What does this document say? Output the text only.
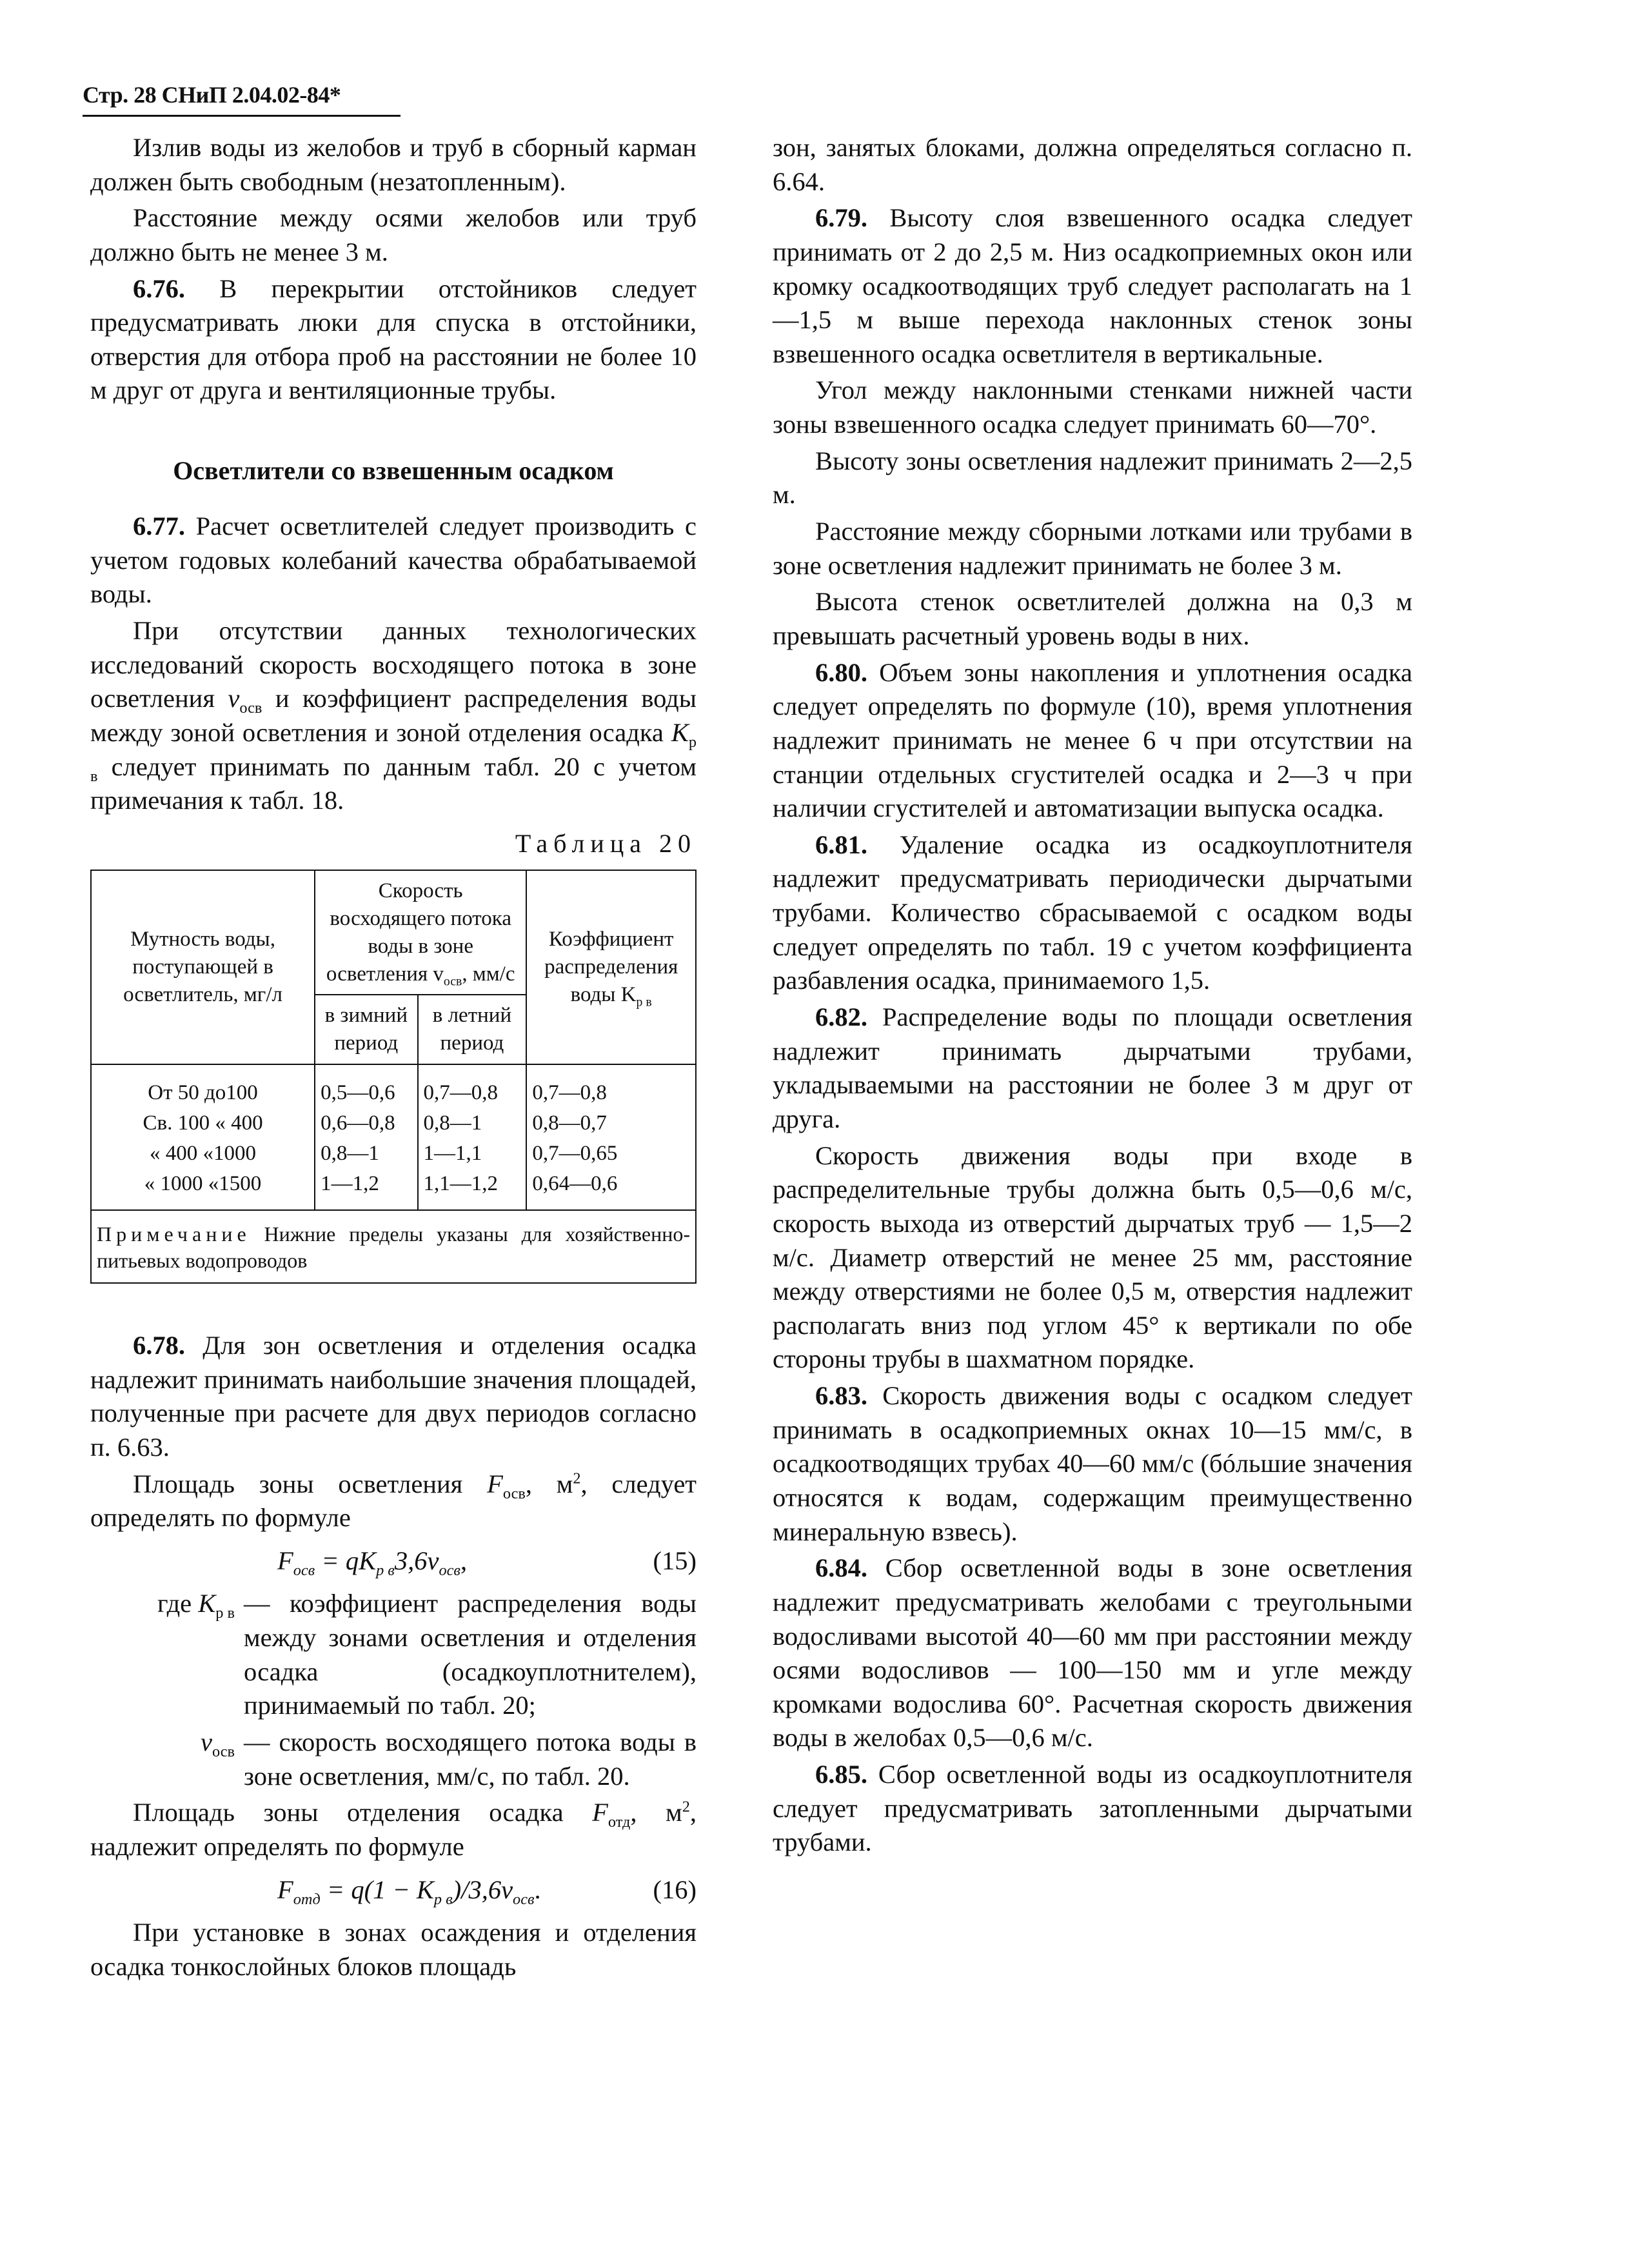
Стр. 28 СНиП 2.04.02-84*

Излив воды из желобов и труб в сборный карман должен быть свободным (незатопленным).

Расстояние между осями желобов или труб должно быть не менее 3 м.

6.76. В перекрытии отстойников следует предусматривать люки для спуска в отстойники, отверстия для отбора проб на расстоянии не более 10 м друг от друга и вентиляционные трубы.

Осветлители со взвешенным осадком

6.77. Расчет осветлителей следует производить с учетом годовых колебаний качества обрабатываемой воды.

При отсутствии данных технологических исследований скорость восходящего потока в зоне осветления $v_{осв}$ и коэффициент распределения воды между зоной осветления и зоной отделения осадка $K_{р в}$ следует принимать по данным табл. 20 с учетом примечания к табл. 18.

Таблица 20
Мутность воды, поступающей в осветлитель, мг/л	Скорость восходящего потока воды в зоне осветления $v_{осв}$, мм/с		Коэффициент распределения воды $K_{р в}$
	в зимний период	в летний период	
От 50 до100	0,5—0,6	0,7—0,8	0,7—0,8
Св. 100 « 400	0,6—0,8	0,8—1	0,8—0,7
« 400 «1000	0,8—1	1—1,1	0,7—0,65
« 1000 «1500	1—1,2	1,1—1,2	0,64—0,6
Примечание Нижние пределы указаны для хозяйственно-питьевых водопроводов			

6.78. Для зон осветления и отделения осадка надлежит принимать наибольшие значения площадей, полученные при расчете для двух периодов согласно п. 6.63.

Площадь зоны осветления $F_{осв}$, $м^2$, следует определять по формуле

$F_{осв} = qK_{р в}3,6v_{осв}$,	(15)
где $K_{р в}$ — коэффициент распределения воды между зонами осветления и отделения осадка (осадкоуплотнителем), принимаемый по табл. 20;
$v_{осв}$ — скорость восходящего потока воды в зоне осветления, мм/с, по табл. 20.

Площадь зоны отделения осадка $F_{отд}$, $м^2$, надлежит определять по формуле

$F_{отд} = q(1 - K_{р в})/3,6v_{осв}$.	(16)

При установке в зонах осаждения и отделения осадка тонкослойных блоков площадь

зон, занятых блоками, должна определяться согласно п. 6.64.

6.79. Высоту слоя взвешенного осадка следует принимать от 2 до 2,5 м. Низ осадкоприемных окон или кромку осадкоотводящих труб следует располагать на 1—1,5 м выше перехода наклонных стенок зоны взвешенного осадка осветлителя в вертикальные.

Угол между наклонными стенками нижней части зоны взвешенного осадка следует принимать 60—70°.

Высоту зоны осветления надлежит принимать 2—2,5 м.

Расстояние между сборными лотками или трубами в зоне осветления надлежит принимать не более 3 м.

Высота стенок осветлителей должна на 0,3 м превышать расчетный уровень воды в них.

6.80. Объем зоны накопления и уплотнения осадка следует определять по формуле (10), время уплотнения надлежит принимать не менее 6 ч при отсутствии на станции отдельных сгустителей осадка и 2—3 ч при наличии сгустителей и автоматизации выпуска осадка.

6.81. Удаление осадка из осадкоуплотнителя надлежит предусматривать периодически дырчатыми трубами. Количество сбрасываемой с осадком воды следует определять по табл. 19 с учетом коэффициента разбавления осадка, принимаемого 1,5.

6.82. Распределение воды по площади осветления надлежит принимать дырчатыми трубами, укладываемыми на расстоянии не более 3 м друг от друга.

Скорость движения воды при входе в распределительные трубы должна быть 0,5—0,6 м/с, скорость выхода из отверстий дырчатых труб — 1,5—2 м/с. Диаметр отверстий не менее 25 мм, расстояние между отверстиями не более 0,5 м, отверстия надлежит располагать вниз под углом 45° к вертикали по обе стороны трубы в шахматном порядке.

6.83. Скорость движения воды с осадком следует принимать в осадкоприемных окнах 10—15 мм/с, в осадкоотводящих трубах 40—60 мм/с (бóльшие значения относятся к водам, содержащим преимущественно минеральную взвесь).

6.84. Сбор осветленной воды в зоне осветления надлежит предусматривать желобами с треугольными водосливами высотой 40—60 мм при расстоянии между осями водосливов — 100—150 мм и угле между кромками водослива 60°. Расчетная скорость движения воды в желобах 0,5—0,6 м/с.

6.85. Сбор осветленной воды из осадкоуплотнителя следует предусматривать затопленными дырчатыми трубами.
